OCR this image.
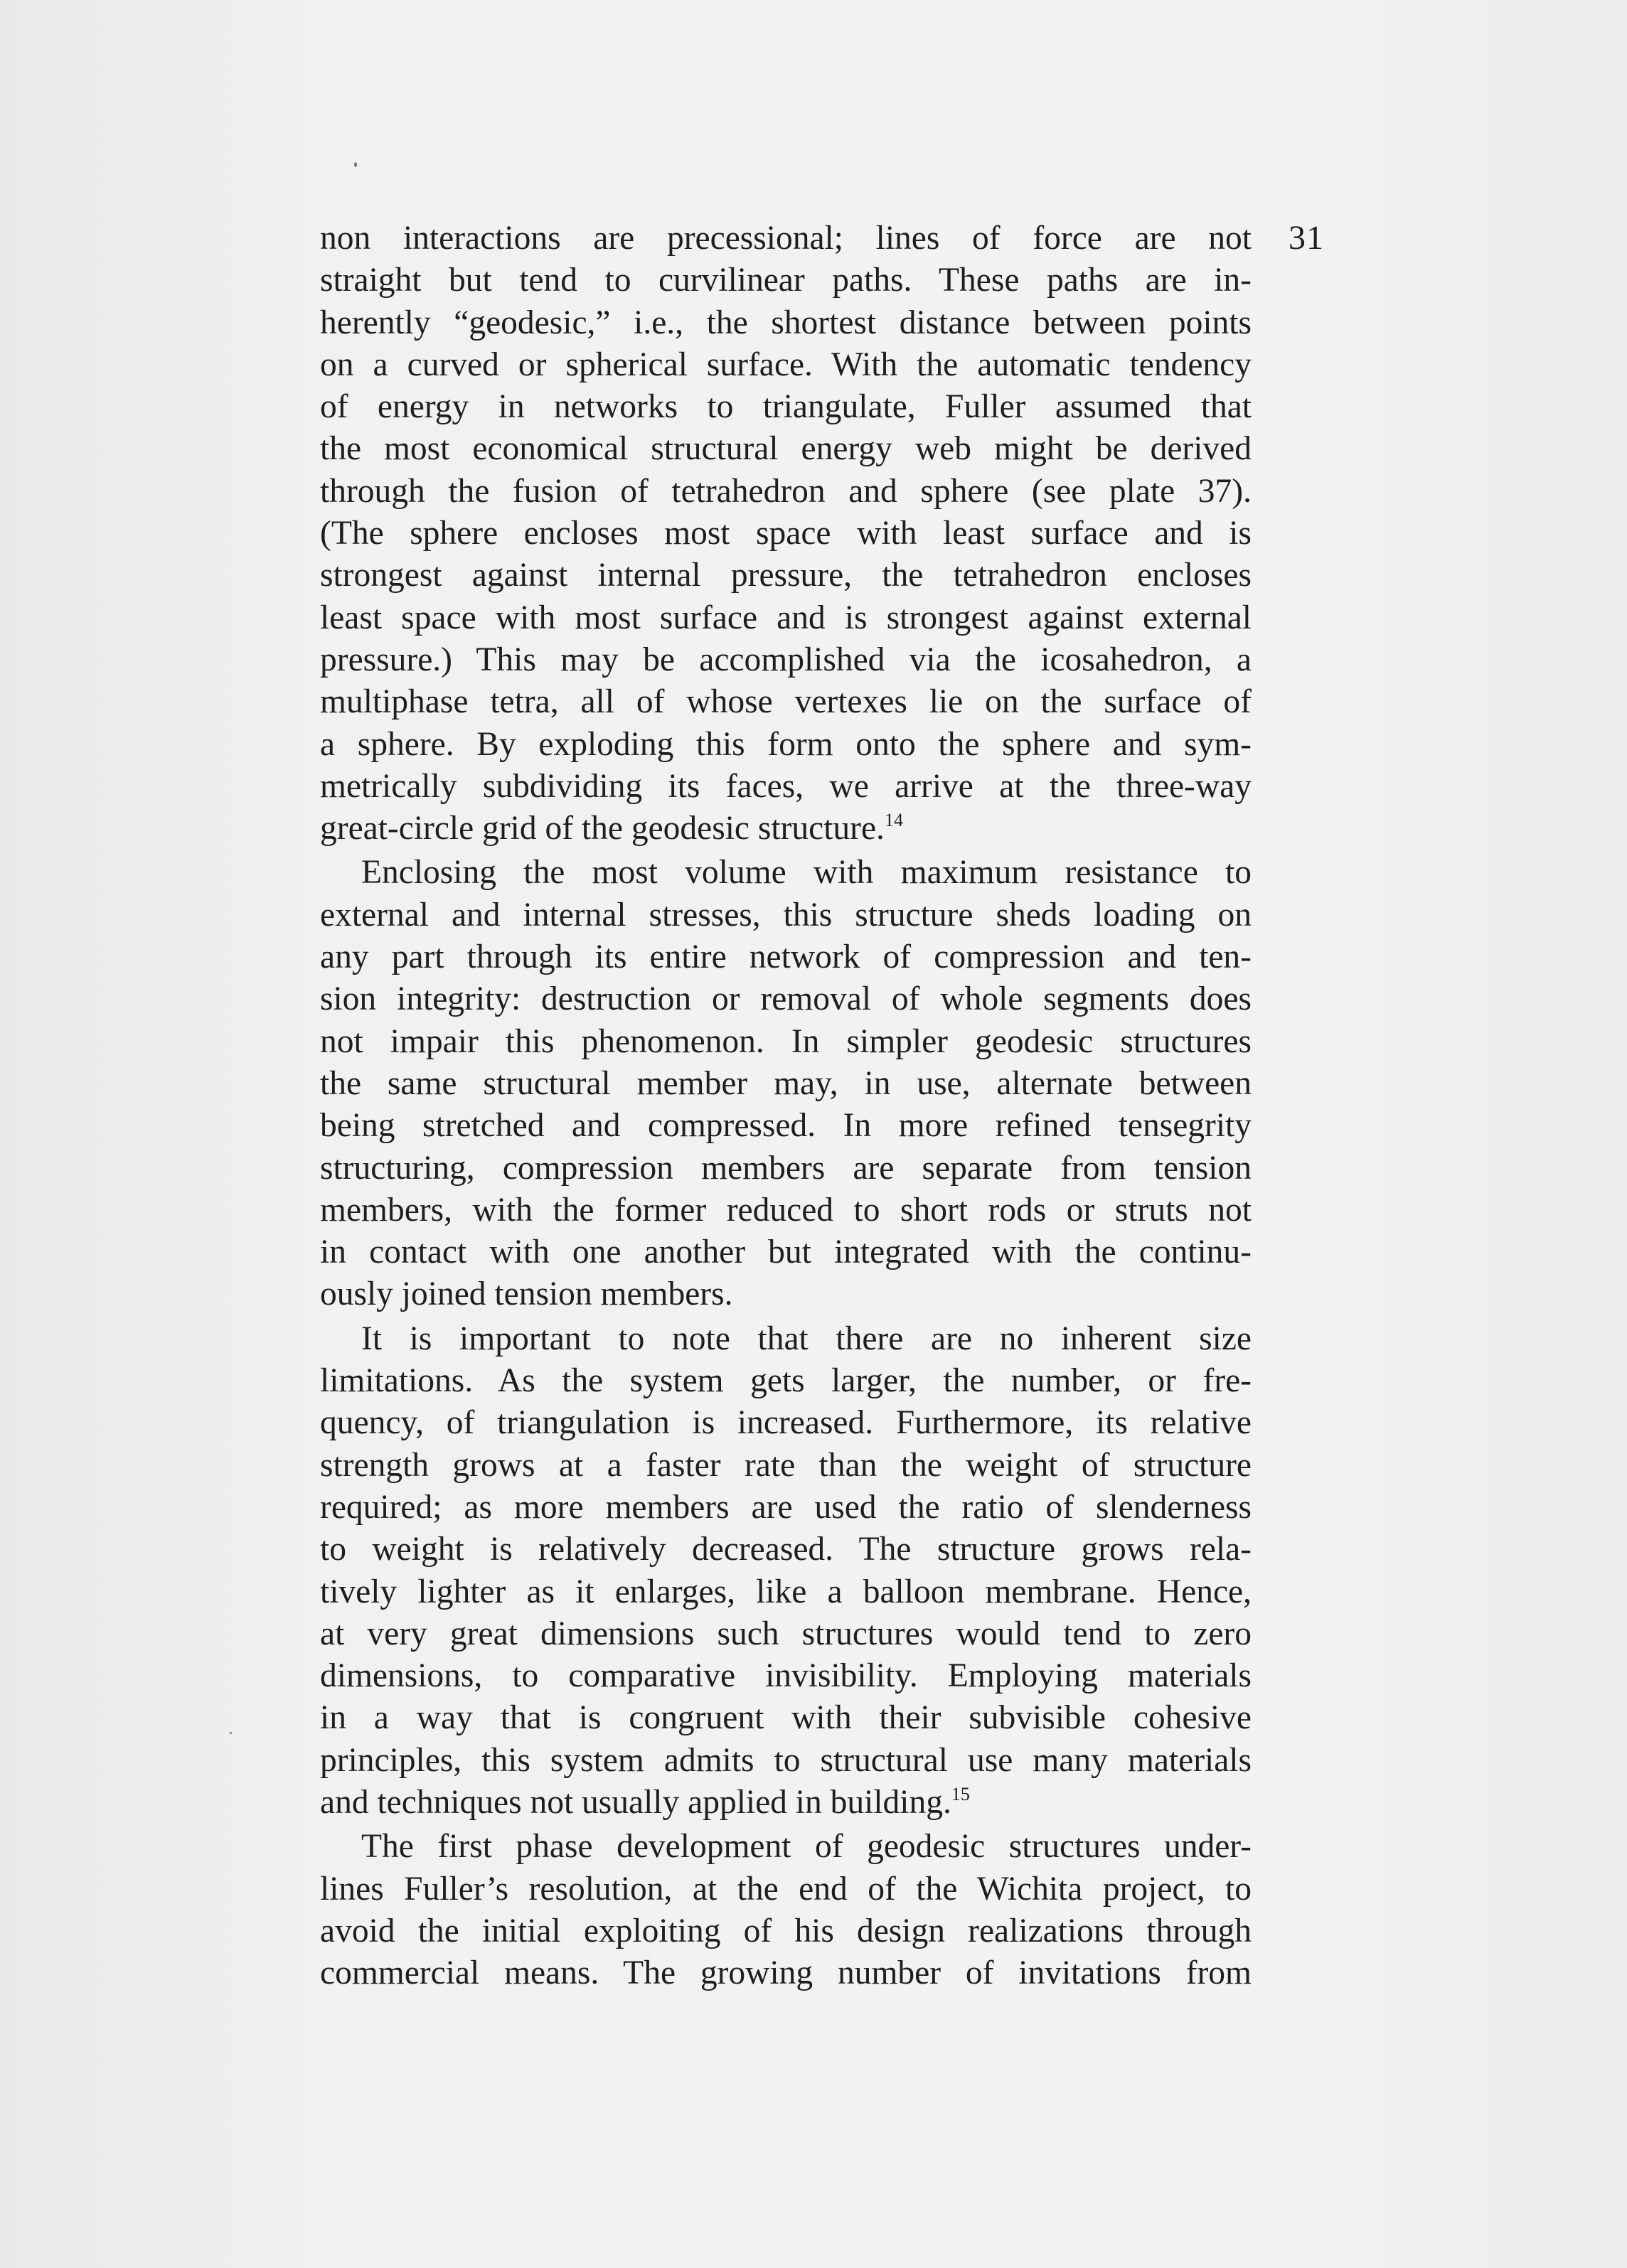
31
non interactions are precessional; lines of force are not
straight but tend to curvilinear paths. These paths are in-
herently “geodesic,” i.e., the shortest distance between points
on a curved or spherical surface. With the automatic tendency
of energy in networks to triangulate, Fuller assumed that
the most economical structural energy web might be derived
through the fusion of tetrahedron and sphere (see plate 37).
(The sphere encloses most space with least surface and is
strongest against internal pressure, the tetrahedron encloses
least space with most surface and is strongest against external
pressure.) This may be accomplished via the icosahedron, a
multiphase tetra, all of whose vertexes lie on the surface of
a sphere. By exploding this form onto the sphere and sym-
metrically subdividing its faces, we arrive at the three-way
great-circle grid of the geodesic structure.$^{14}$
Enclosing the most volume with maximum resistance to
external and internal stresses, this structure sheds loading on
any part through its entire network of compression and ten-
sion integrity: destruction or removal of whole segments does
not impair this phenomenon. In simpler geodesic structures
the same structural member may, in use, alternate between
being stretched and compressed. In more refined tensegrity
structuring, compression members are separate from tension
members, with the former reduced to short rods or struts not
in contact with one another but integrated with the continu-
ously joined tension members.
It is important to note that there are no inherent size
limitations. As the system gets larger, the number, or fre-
quency, of triangulation is increased. Furthermore, its relative
strength grows at a faster rate than the weight of structure
required; as more members are used the ratio of slenderness
to weight is relatively decreased. The structure grows rela-
tively lighter as it enlarges, like a balloon membrane. Hence,
at very great dimensions such structures would tend to zero
dimensions, to comparative invisibility. Employing materials
in a way that is congruent with their subvisible cohesive
principles, this system admits to structural use many materials
and techniques not usually applied in building.$^{15}$
The first phase development of geodesic structures under-
lines Fuller’s resolution, at the end of the Wichita project, to
avoid the initial exploiting of his design realizations through
commercial means. The growing number of invitations from
